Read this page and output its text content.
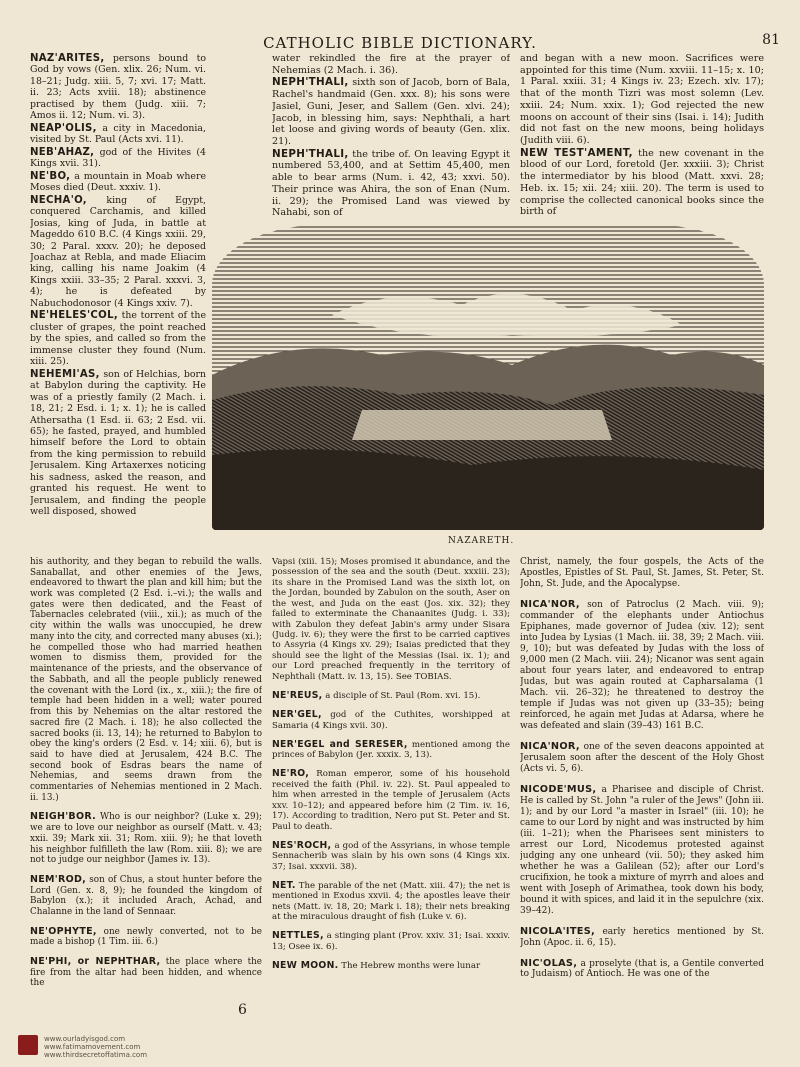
CATHOLIC BIBLE DICTIONARY.	81

NAZ'ARITES, persons bound to God by vows (Gen. xlix. 26; Num. vi. 18–21; Judg. xiii. 5, 7; xvi. 17; Matt. ii. 23; Acts xviii. 18); abstinence practised by them (Judg. xiii. 7; Amos ii. 12; Num. vi. 3).

NEAP'OLIS, a city in Macedonia, visited by St. Paul (Acts xvi. 11).

NEB'AHAZ, god of the Hivites (4 Kings xvii. 31).

NE'BO, a mountain in Moab where Moses died (Deut. xxxiv. 1).

NECHA'O, king of Egypt, conquered Carchamis, and killed Josias, king of Juda, in battle at Mageddo 610 B.C. (4 Kings xxiii. 29, 30; 2 Paral. xxxv. 20); he deposed Joachaz at Rebla, and made Eliacim king, calling his name Joakim (4 Kings xxiii. 33–35; 2 Paral. xxxvi. 3, 4); he is defeated by Nabuchodonosor (4 Kings xxiv. 7).

NE'HELES'COL, the torrent of the cluster of grapes, the point reached by the spies, and called so from the immense cluster they found (Num. xiii. 25).

NEHEMI'AS, son of Helchias, born at Babylon during the captivity. He was of a priestly family (2 Mach. i. 18, 21; 2 Esd. i. 1; x. 1); he is called Athersatha (1 Esd. ii. 63; 2 Esd. vii. 65); he fasted, prayed, and humbled himself before the Lord to obtain from the king permission to rebuild Jerusalem. King Artaxerxes noticing his sadness, asked the reason, and granted his request. He went to Jerusalem, and finding the people well disposed, showed

water rekindled the fire at the prayer of Nehemias (2 Mach. i. 36).

NEPH'THALI, sixth son of Jacob, born of Bala, Rachel's handmaid (Gen. xxx. 8); his sons were Jasiel, Guni, Jeser, and Sallem (Gen. xlvi. 24); Jacob, in blessing him, says: Nephthali, a hart let loose and giving words of beauty (Gen. xlix. 21).

NEPH'THALI, the tribe of. On leaving Egypt it numbered 53,400, and at Settim 45,400, men able to bear arms (Num. i. 42, 43; xxvi. 50). Their prince was Ahira, the son of Enan (Num. ii. 29); the Promised Land was viewed by Nahabi, son of

and began with a new moon. Sacrifices were appointed for this time (Num. xxviii. 11–15; x. 10; 1 Paral. xxiii. 31; 4 Kings iv. 23; Ezech. xlv. 17); that of the month Tizri was most solemn (Lev. xxiii. 24; Num. xxix. 1); God rejected the new moons on account of their sins (Isai. i. 14); Judith did not fast on the new moons, being holidays (Judith viii. 6).

NEW TEST'AMENT, the new covenant in the blood of our Lord, foretold (Jer. xxxiii. 3); Christ the intermediator by his blood (Matt. xxvi. 28; Heb. ix. 15; xii. 24; xiii. 20). The term is used to comprise the collected canonical books since the birth of

NAZARETH.

his authority, and they began to rebuild the walls. Sanaballat, and other enemies of the Jews, endeavored to thwart the plan and kill him; but the work was completed (2 Esd. i.–vi.); the walls and gates were then dedicated, and the Feast of Tabernacles celebrated (viii., xii.); as much of the city within the walls was unoccupied, he drew many into the city, and corrected many abuses (xi.); he compelled those who had married heathen women to dismiss them, provided for the maintenance of the priests, and the observance of the Sabbath, and all the people publicly renewed the covenant with the Lord (ix., x., xiii.); the fire of temple had been hidden in a well; water poured from this by Nehemias on the altar restored the sacred fire (2 Mach. i. 18); he also collected the sacred books (ii. 13, 14); he returned to Babylon to obey the king's orders (2 Esd. v. 14; xiii. 6), but is said to have died at Jerusalem, 424 B.C. The second book of Esdras bears the name of Nehemias, and seems drawn from the commentaries of Nehemias mentioned in 2 Mach. ii. 13.)

NEIGH'BOR. Who is our neighbor? (Luke x. 29); we are to love our neighbor as ourself (Matt. v. 43; xxii. 39; Mark xii. 31; Rom. xiii. 9); he that loveth his neighbor fulfilleth the law (Rom. xiii. 8); we are not to judge our neighbor (James iv. 13).

NEM'ROD, son of Chus, a stout hunter before the Lord (Gen. x. 8, 9); he founded the kingdom of Babylon (x.); it included Arach, Achad, and Chalanne in the land of Sennaar.

NE'OPHYTE, one newly converted, not to be made a bishop (1 Tim. iii. 6.)

NE'PHI, or NEPHTHAR, the place where the fire from the altar had been hidden, and whence the

Vapsi (xiii. 15); Moses promised it abundance, and the possession of the sea and the south (Deut. xxxiii. 23); its share in the Promised Land was the sixth lot, on the Jordan, bounded by Zabulon on the south, Aser on the west, and Juda on the east (Jos. xix. 32); they failed to exterminate the Chanaanites (Judg. i. 33); with Zabulon they defeat Jabin's army under Sisara (Judg. iv. 6); they were the first to be carried captives to Assyria (4 Kings xv. 29); Isaias predicted that they should see the light of the Messias (Isai. ix. 1); and our Lord preached frequently in the territory of Nephthali (Matt. iv. 13, 15). See TOBIAS.

NE'REUS, a disciple of St. Paul (Rom. xvi. 15).

NER'GEL, god of the Cuthites, worshipped at Samaria (4 Kings xvii. 30).

NER'EGEL and SERESER, mentioned among the princes of Babylon (Jer. xxxix. 3, 13).

NE'RO, Roman emperor, some of his household received the faith (Phil. iv. 22). St. Paul appealed to him when arrested in the temple of Jerusalem (Acts xxv. 10–12); and appeared before him (2 Tim. iv. 16, 17). According to tradition, Nero put St. Peter and St. Paul to death.

NES'ROCH, a god of the Assyrians, in whose temple Sennacherib was slain by his own sons (4 Kings xix. 37; Isai. xxxvii. 38).

NET. The parable of the net (Matt. xiii. 47); the net is mentioned in Exodus xxvii. 4; the apostles leave their nets (Matt. iv. 18, 20; Mark i. 18); their nets breaking at the miraculous draught of fish (Luke v. 6).

NETTLES, a stinging plant (Prov. xxiv. 31; Isai. xxxiv. 13; Osee ix. 6).

NEW MOON. The Hebrew months were lunar

Christ, namely, the four gospels, the Acts of the Apostles, Epistles of St. Paul, St. James, St. Peter, St. John, St. Jude, and the Apocalypse.

NICA'NOR, son of Patroclus (2 Mach. viii. 9); commander of the elephants under Antiochus Epiphanes, made governor of Judea (xiv. 12); sent into Judea by Lysias (1 Mach. iii. 38, 39; 2 Mach. viii. 9, 10); but was defeated by Judas with the loss of 9,000 men (2 Mach. viii. 24); Nicanor was sent again about four years later, and endeavored to entrap Judas, but was again routed at Capharsalama (1 Mach. vii. 26–32); he threatened to destroy the temple if Judas was not given up (33–35); being reinforced, he again met Judas at Adarsa, where he was defeated and slain (39–43) 161 B.C.

NICA'NOR, one of the seven deacons appointed at Jerusalem soon after the descent of the Holy Ghost (Acts vi. 5, 6).

NICODE'MUS, a Pharisee and disciple of Christ. He is called by St. John "a ruler of the Jews" (John iii. 1); and by our Lord "a master in Israel" (iii. 10); he came to our Lord by night and was instructed by him (iii. 1–21); when the Pharisees sent ministers to arrest our Lord, Nicodemus protested against judging any one unheard (vii. 50); they asked him whether he was a Galilean (52); after our Lord's crucifixion, he took a mixture of myrrh and aloes and went with Joseph of Arimathea, took down his body, bound it with spices, and laid it in the sepulchre (xix. 39–42).

NICOLA'ITES, early heretics mentioned by St. John (Apoc. ii. 6, 15).

NIC'OLAS, a proselyte (that is, a Gentile converted to Judaism) of Antioch. He was one of the

6
www.ourladyisgod.com
www.fatimamovement.com
www.thirdsecretoffatima.com
